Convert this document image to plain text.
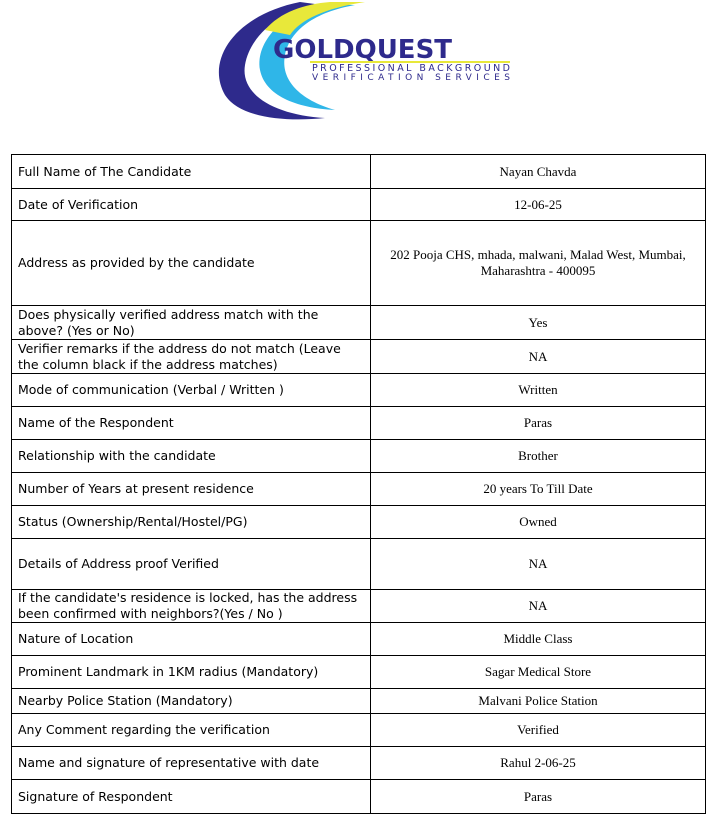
GOLDQUEST
PROFESSIONAL BACKGROUND
VERIFICATION SERVICES
Full Name of The Candidate	Nayan Chavda
Date of Verification	12-06-25
Address as provided by the candidate	202 Pooja CHS, mhada, malwani, Malad West, Mumbai, Maharashtra - 400095
Does physically verified address match with the above? (Yes or No)	Yes
Verifier remarks if the address do not match (Leave the column black if the address matches)	NA
Mode of communication (Verbal / Written )	Written
Name of the Respondent	Paras
Relationship with the candidate	Brother
Number of Years at present residence	20 years To Till Date
Status (Ownership/Rental/Hostel/PG)	Owned
Details of Address proof Verified	NA
If the candidate's residence is locked, has the address been confirmed with neighbors?(Yes / No )	NA
Nature of Location	Middle Class
Prominent Landmark in 1KM radius (Mandatory)	Sagar Medical Store
Nearby Police Station (Mandatory)	Malvani Police Station
Any Comment regarding the verification	Verified
Name and signature of representative with date	Rahul 2-06-25
Signature of Respondent	Paras
